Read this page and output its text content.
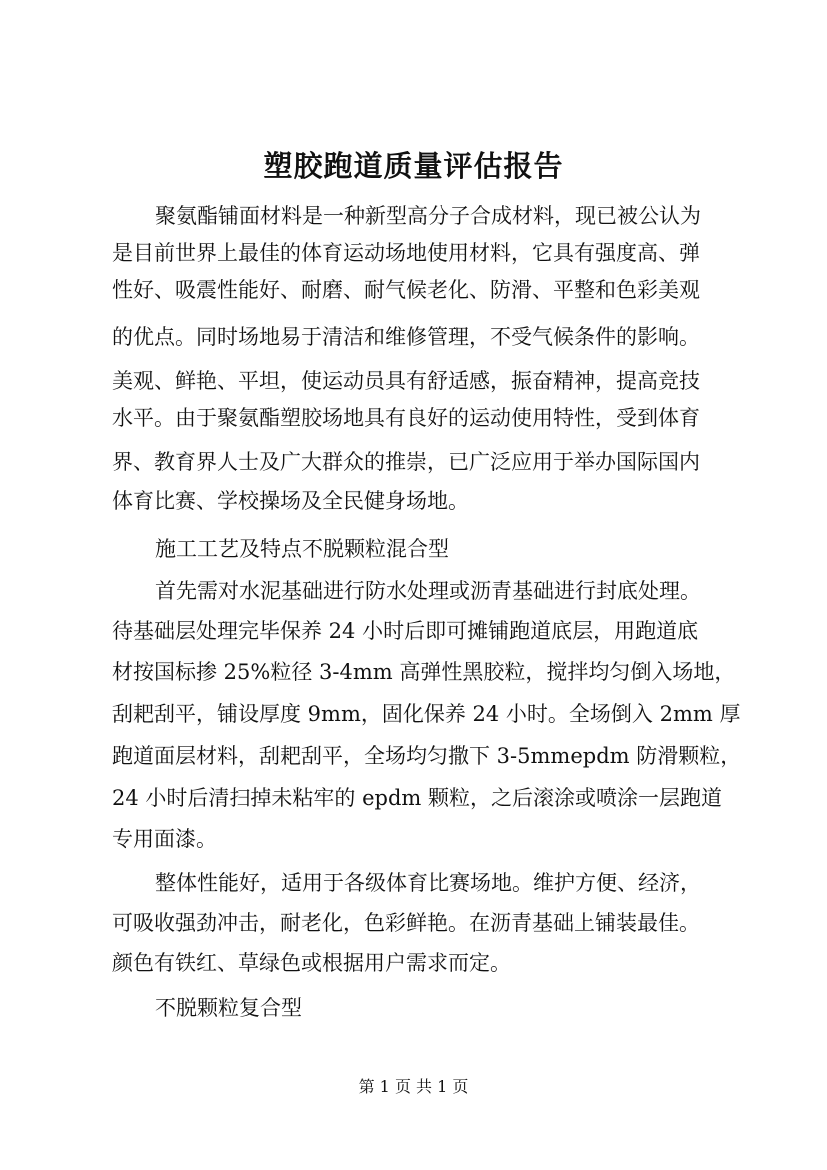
塑胶跑道质量评估报告
聚氨酯铺面材料是一种新型高分子合成材料，现已被公认为
是目前世界上最佳的体育运动场地使用材料，它具有强度高、弹
性好、吸震性能好、耐磨、耐气候老化、防滑、平整和色彩美观
的优点。同时场地易于清洁和维修管理，不受气候条件的影响。
美观、鲜艳、平坦，使运动员具有舒适感，振奋精神，提高竞技
水平。由于聚氨酯塑胶场地具有良好的运动使用特性，受到体育
界、教育界人士及广大群众的推崇，已广泛应用于举办国际国内
体育比赛、学校操场及全民健身场地。
施工工艺及特点不脱颗粒混合型
首先需对水泥基础进行防水处理或沥青基础进行封底处理。
待基础层处理完毕保养 24 小时后即可摊铺跑道底层，用跑道底
材按国标掺 25%粒径 3-4mm 高弹性黑胶粒，搅拌均匀倒入场地，
刮耙刮平，铺设厚度 9mm，固化保养 24 小时。全场倒入 2mm 厚
跑道面层材料，刮耙刮平，全场均匀撒下 3-5mmepdm 防滑颗粒，
24 小时后清扫掉未粘牢的 epdm 颗粒，之后滚涂或喷涂一层跑道
专用面漆。
整体性能好，适用于各级体育比赛场地。维护方便、经济，
可吸收强劲冲击，耐老化，色彩鲜艳。在沥青基础上铺装最佳。
颜色有铁红、草绿色或根据用户需求而定。
不脱颗粒复合型
第 1 页 共 1 页
